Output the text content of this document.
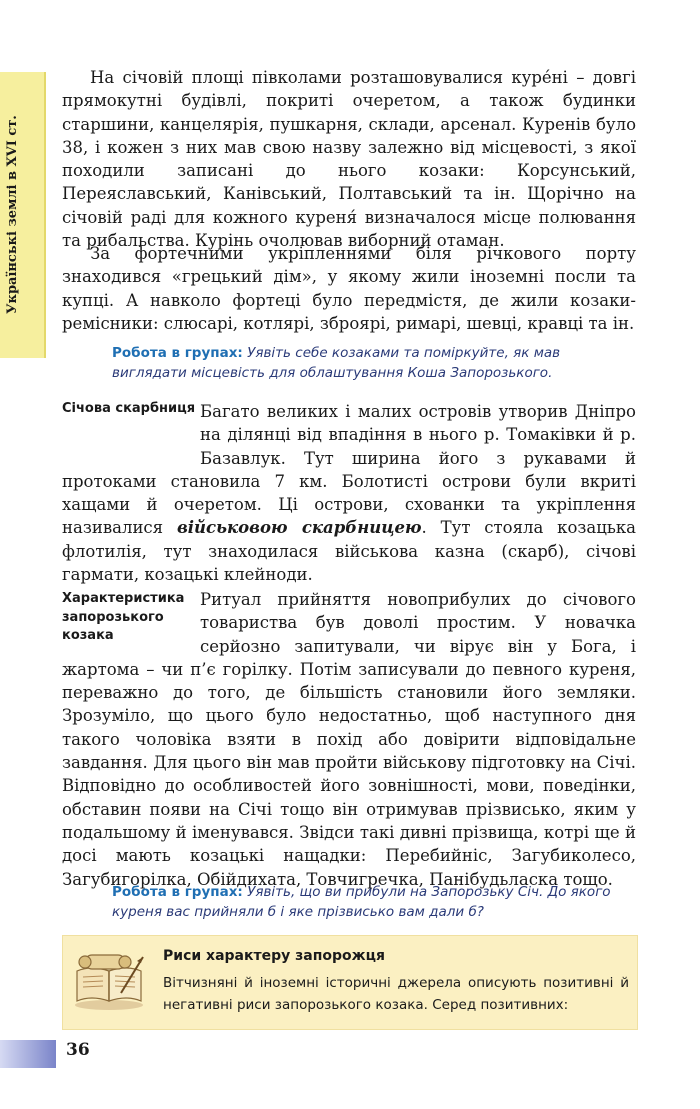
Українські землі в XVI ст.
На січовій площі півколами розташовувалися куре́ні – довгі прямокутні будівлі, покриті очеретом, а також будинки старшини, канцелярія, пушкарня, склади, арсенал. Куренів було 38, і кожен з них мав свою назву залежно від місцевості, з якої походили записані до нього козаки: Корсунський, Переяславський, Канівський, Полтавський та ін. Щорічно на січовій раді для кожного куреня́ визначалося місце полювання та рибальства. Курінь очолював виборний отаман.
За фортечними укріпленнями біля річкового порту знаходився «грецький дім», у якому жили іноземні посли та купці. А навколо фортеці було передмістя, де жили козаки-ремісники: слюсарі, котлярі, зброярі, римарі, шевці, кравці та ін.
Робота в групах: Уявіть себе козаками та поміркуйте, як мав виглядати місцевість для облаштування Коша Запорозького.
Січова скарбниця Багато великих і малих островів утворив Дніпро на ділянці від впадіння в нього р. Томаківки й р. Базавлук. Тут ширина його з рукавами й протоками становила 7 км. Болотисті острови були вкриті хащами й очеретом. Ці острови, схованки та укріплення називалися військовою скарбницею. Тут стояла козацька флотилія, тут знаходилася військова казна (скарб), січові гармати, козацькі клейноди.
Характеристика запорозького козака
Ритуал прийняття новоприбулих до січового товариства був доволі простим. У новачка серйозно запитували, чи вірує він у Бога, і жартома – чи п’є горілку. Потім записували до певного куреня, переважно до того, де більшість становили його земляки. Зрозуміло, що цього було недостатньо, щоб наступного дня такого чоловіка взяти в похід або довірити відповідальне завдання. Для цього він мав пройти військову підготовку на Січі. Відповідно до особливостей його зовнішності, мови, поведінки, обставин появи на Січі тощо він отримував прізвисько, яким у подальшому й іменувався. Звідси такі дивні прізвища, котрі ще й досі мають козацькі нащадки: Перебийніс, Загубиколесо, Загубигорілка, Обійдихата, Товчигречка, Панібудьласка тощо.
Робота в групах: Уявіть, що ви прибули на Запорозьку Січ. До якого куреня вас прийняли б і яке прізвисько вам дали б?
Риси характеру запорожця
Вітчизняні й іноземні історичні джерела описують позитивні й негативні риси запорозького козака. Серед позитивних:
36
